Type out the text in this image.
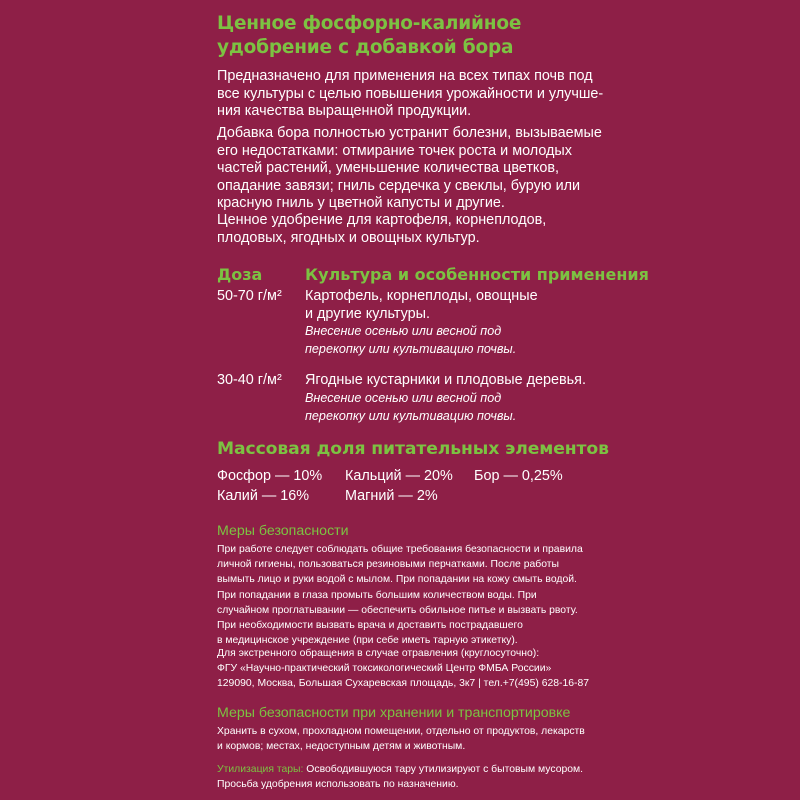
Ценное фосфорно-калийное
удобрение с добавкой бора
Предназначено для применения на всех типах почв под
все культуры с целью повышения урожайности и улучше-
ния качества выращенной продукции.
Добавка бора полностью устранит болезни, вызываемые
его недостатками: отмирание точек роста и молодых
частей растений, уменьшение количества цветков,
опадание завязи; гниль сердечка у свеклы, бурую или
красную гниль у цветной капусты и другие.
Ценное удобрение для картофеля, корнеплодов,
плодовых, ягодных и овощных культур.
Доза	Культура и особенности применения
50-70 г/м² Картофель, корнеплоды, овощные
и другие культуры.
Внесение осенью или весной под
перекопку или культивацию почвы.
30-40 г/м² Ягодные кустарники и плодовые деревья.
Внесение осенью или весной под
перекопку или культивацию почвы.
Массовая доля питательных элементов
Фосфор — 10% Кальций — 20% Бор — 0,25%
Калий — 16% Магний — 2%
Меры безопасности
При работе следует соблюдать общие требования безопасности и правила
личной гигиены, пользоваться резиновыми перчатками. После работы
вымыть лицо и руки водой с мылом. При попадании на кожу смыть водой.
При попадании в глаза промыть большим количеством воды. При
случайном проглатывании — обеспечить обильное питье и вызвать рвоту.
При необходимости вызвать врача и доставить пострадавшего
в медицинское учреждение (при себе иметь тарную этикетку).
Для экстренного обращения в случае отравления (круглосуточно):
ФГУ «Научно-практический токсикологический Центр ФМБА России»
129090, Москва, Большая Сухаревская площадь, 3к7 | тел.+7(495) 628-16-87
Меры безопасности при хранении и транспортировке
Хранить в сухом, прохладном помещении, отдельно от продуктов, лекарств
и кормов; местах, недоступным детям и животным.
Утилизация тары: Освободившуюся тару утилизируют с бытовым мусором.
Просьба удобрения использовать по назначению.
